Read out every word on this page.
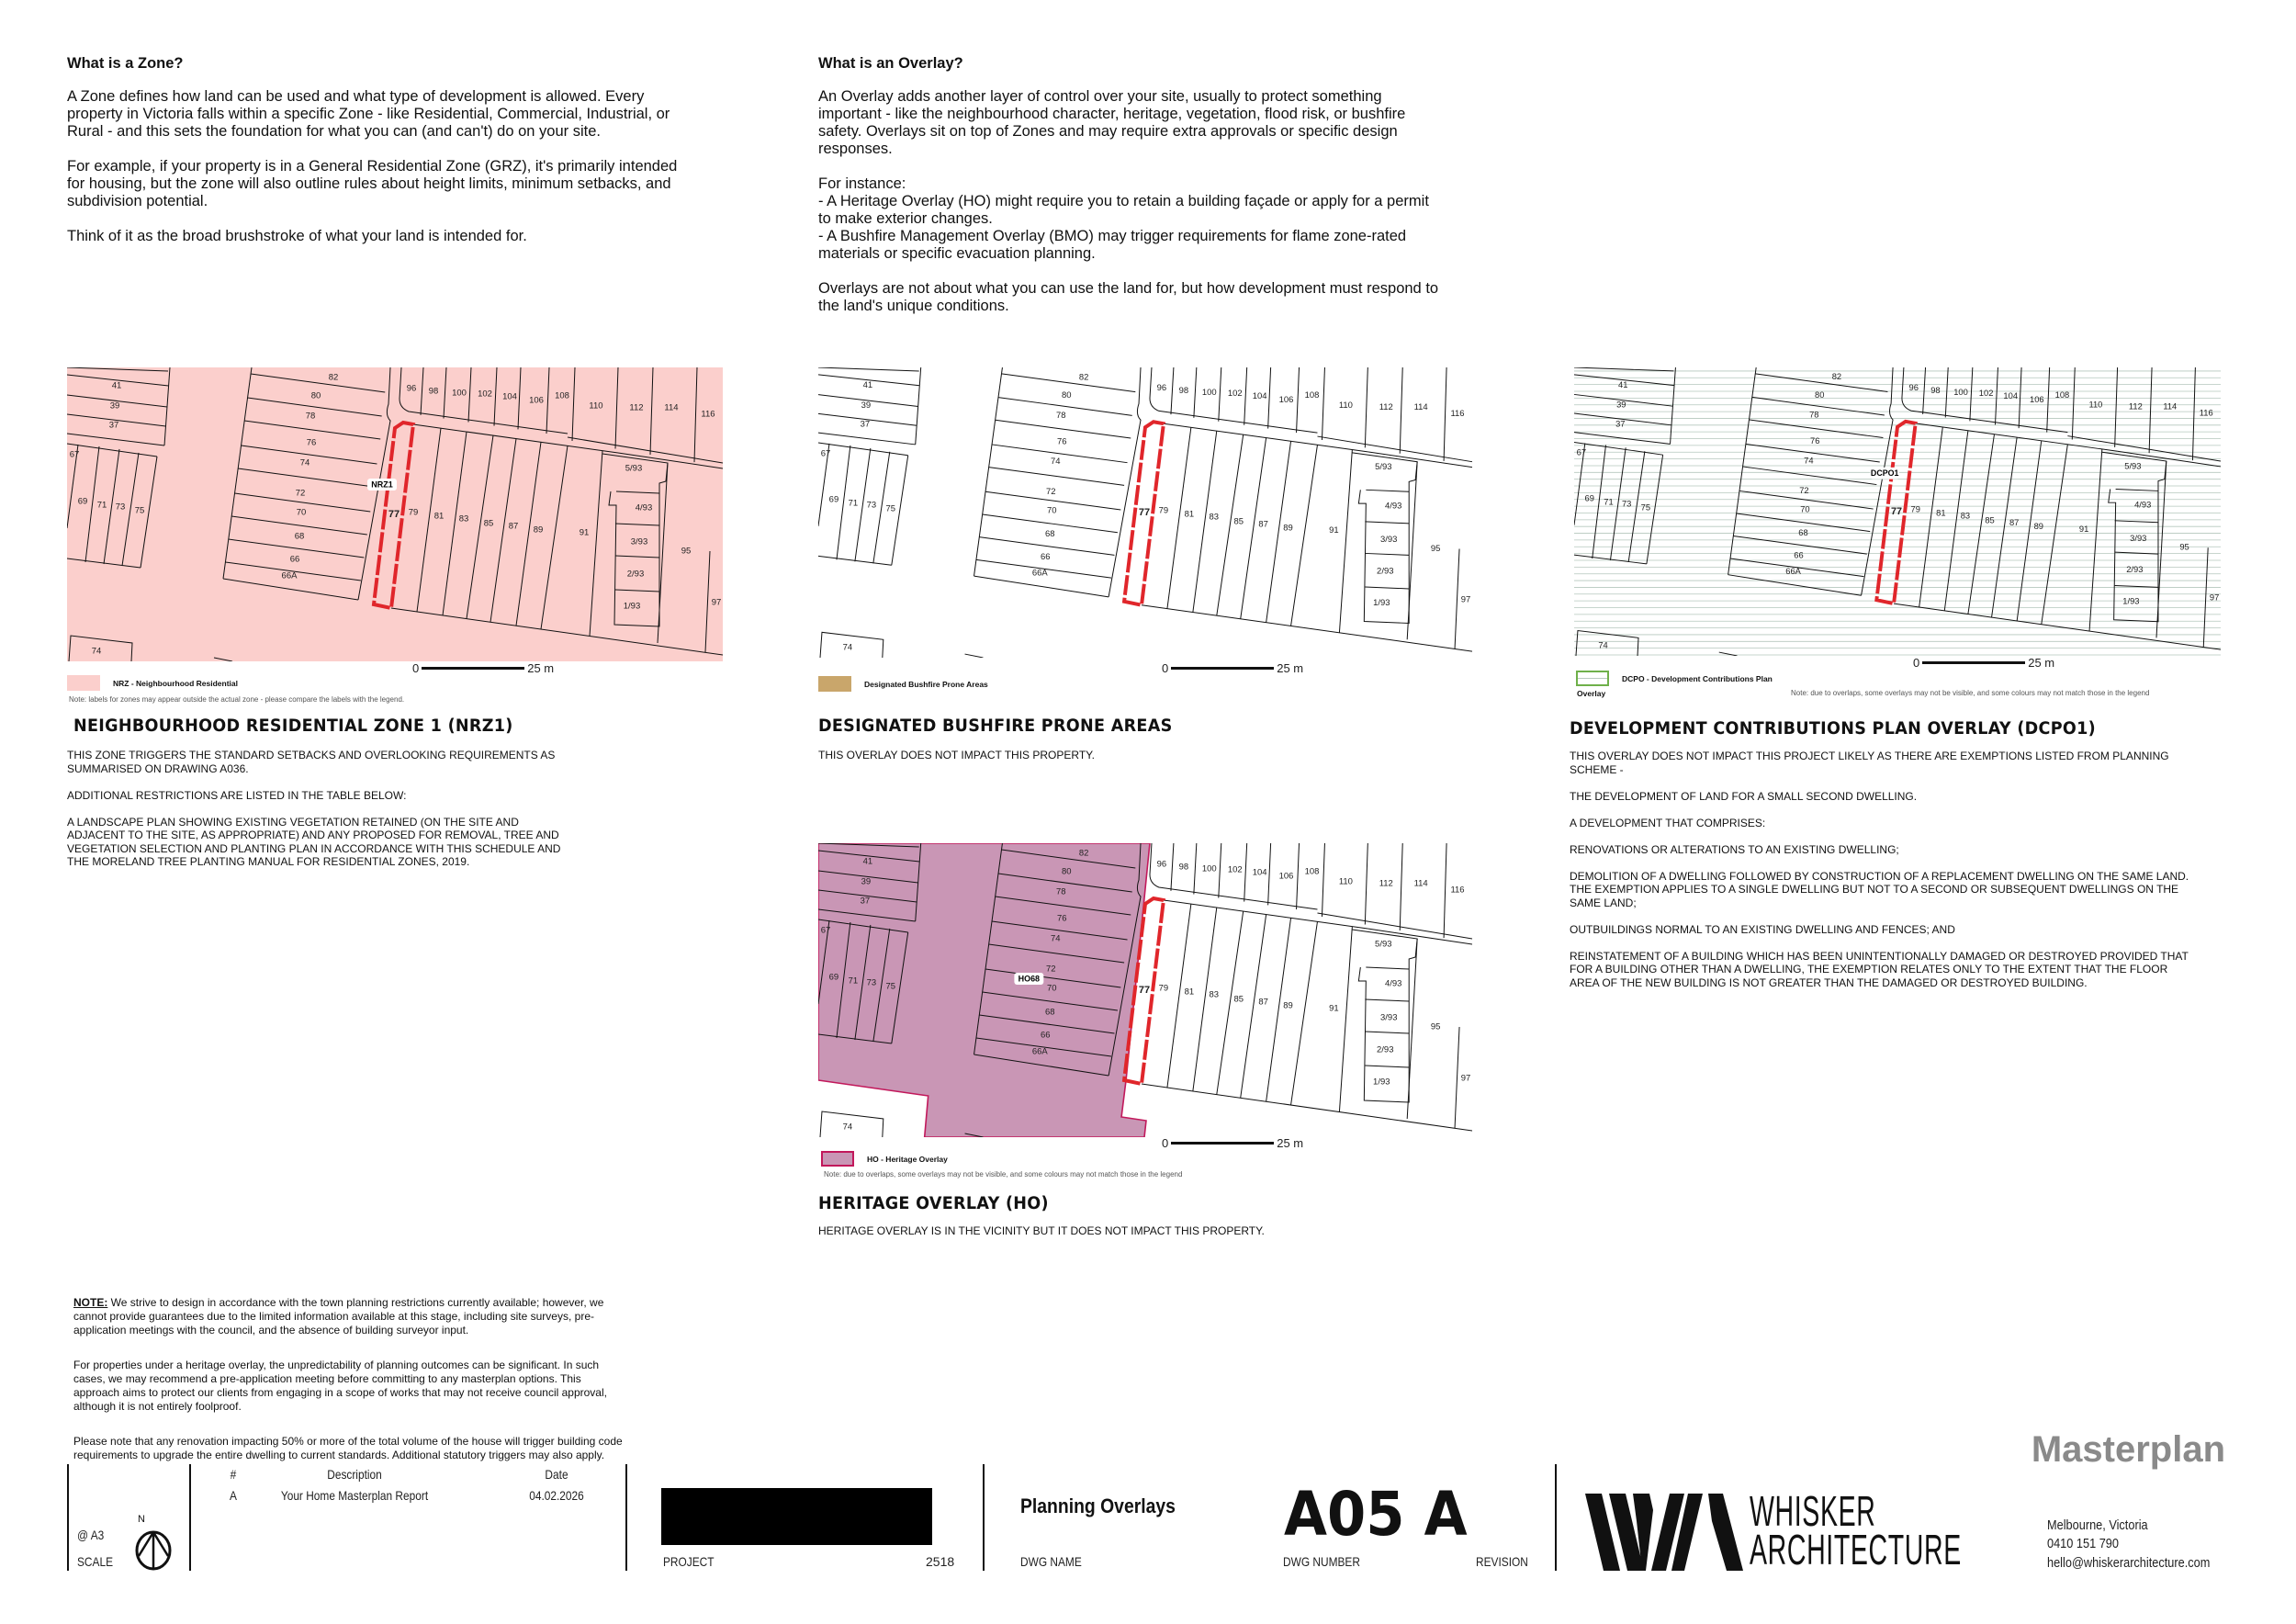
What is a Zone?
A Zone defines how land can be used and what type of development is allowed. Every
property in Victoria falls within a specific Zone - like Residential, Commercial, Industrial, or
Rural - and this sets the foundation for what you can (and can't) do on your site.
For example, if your property is in a General Residential Zone (GRZ), it's primarily intended
for housing, but the zone will also outline rules about height limits, minimum setbacks, and
subdivision potential.
Think of it as the broad brushstroke of what your land is intended for.
What is an Overlay?
An Overlay adds another layer of control over your site, usually to protect something
important - like the neighbourhood character, heritage, vegetation, flood risk, or bushfire
safety. Overlays sit on top of Zones and may require extra approvals or specific design
responses.
For instance:
- A Heritage Overlay (HO) might require you to retain a building façade or apply for a permit
to make exterior changes.
- A Bushfire Management Overlay (BMO) may trigger requirements for flame zone-rated
materials or specific evacuation planning.
Overlays are not about what you can use the land for, but how development must respond to
the land's unique conditions.
41
39
37
67
69 71 73 75
82
80
78
76
74
72
70
68
66
66A
96 98 100 102 104 106 108
110	112 114
116
77 79 81 83 85 87 89	91
5/93
4/93
3/93
2/93
1/93
95
97
74
NRZ1
0	25 m
NRZ - Neighbourhood Residential
Note: labels for zones may appear outside the actual zone - please compare the labels with the legend.
NEIGHBOURHOOD RESIDENTIAL ZONE 1 (NRZ1)
THIS ZONE TRIGGERS THE STANDARD SETBACKS AND OVERLOOKING REQUIREMENTS AS
SUMMARISED ON DRAWING A036.

ADDITIONAL RESTRICTIONS ARE LISTED IN THE TABLE BELOW:

A LANDSCAPE PLAN SHOWING EXISTING VEGETATION RETAINED (ON THE SITE AND
ADJACENT TO THE SITE, AS APPROPRIATE) AND ANY PROPOSED FOR REMOVAL, TREE AND
VEGETATION SELECTION AND PLANTING PLAN IN ACCORDANCE WITH THIS SCHEDULE AND
THE MORELAND TREE PLANTING MANUAL FOR RESIDENTIAL ZONES, 2019.
41
39
37
67
69 71 73 75
82
80
78
76
74
72
70
68
66
66A
96 98 100 102 104 106 108
110	112 114
116
77 79 81 83 85 87 89	91
5/93
4/93
3/93
2/93
1/93
95
97
74
0	25 m
Designated Bushfire Prone Areas
DESIGNATED BUSHFIRE PRONE AREAS
THIS OVERLAY DOES NOT IMPACT THIS PROPERTY.
41
39
37
67
69 71 73 75
82
80
78
76
74
72
70
68
66
66A
96 98 100 102 104 106 108
110	112 114
116
77 79 81 83 85 87 89	91
5/93
4/93
3/93
2/93
1/93
95
97
74
DCPO1
0	25 m
DCPO - Development Contributions Plan
Overlay	Note: due to overlaps, some overlays may not be visible, and some colours may not match those in the legend
DEVELOPMENT CONTRIBUTIONS PLAN OVERLAY (DCPO1)
THIS OVERLAY DOES NOT IMPACT THIS PROJECT LIKELY AS THERE ARE EXEMPTIONS LISTED FROM PLANNING
SCHEME -

THE DEVELOPMENT OF LAND FOR A SMALL SECOND DWELLING.

A DEVELOPMENT THAT COMPRISES:

RENOVATIONS OR ALTERATIONS TO AN EXISTING DWELLING;

DEMOLITION OF A DWELLING FOLLOWED BY CONSTRUCTION OF A REPLACEMENT DWELLING ON THE SAME LAND.
THE EXEMPTION APPLIES TO A SINGLE DWELLING BUT NOT TO A SECOND OR SUBSEQUENT DWELLINGS ON THE
SAME LAND;

OUTBUILDINGS NORMAL TO AN EXISTING DWELLING AND FENCES; AND

REINSTATEMENT OF A BUILDING WHICH HAS BEEN UNINTENTIONALLY DAMAGED OR DESTROYED PROVIDED THAT
FOR A BUILDING OTHER THAN A DWELLING, THE EXEMPTION RELATES ONLY TO THE EXTENT THAT THE FLOOR
AREA OF THE NEW BUILDING IS NOT GREATER THAN THE DAMAGED OR DESTROYED BUILDING.
41
39
37
67
69 71 73 75
82
80
78
76
74
72
70
68
66
66A
96 98 100 102 104 106 108
110	112 114
116
77 79 81 83 85 87 89	91
5/93
4/93
3/93
2/93
1/93
95
97
74
HO68
0	25 m
HO - Heritage Overlay
Note: due to overlaps, some overlays may not be visible, and some colours may not match those in the legend
HERITAGE OVERLAY (HO)
HERITAGE OVERLAY IS IN THE VICINITY BUT IT DOES NOT IMPACT THIS PROPERTY.

NOTE: We strive to design in accordance with the town planning restrictions currently available; however, we
cannot provide guarantees due to the limited information available at this stage, including site surveys, pre-
application meetings with the council, and the absence of building surveyor input.

For properties under a heritage overlay, the unpredictability of planning outcomes can be significant. In such
cases, we may recommend a pre-application meeting before committing to any masterplan options. This
approach aims to protect our clients from engaging in a scope of works that may not receive council approval,
although it is not entirely foolproof.

Please note that any renovation impacting 50% or more of the total volume of the house will trigger building code
requirements to upgrade the entire dwelling to current standards. Additional statutory triggers may also apply.	Masterplan
@ A3
SCALE
N
#	Description	Date
A	Your Home Masterplan Report	04.02.2026
PROJECT	2518
Planning Overlays
DWG NAME
A05 A
DWG NUMBER	REVISION
WHISKER
ARCHITECTURE
Melbourne, Victoria
0410 151 790
hello@whiskerarchitecture.com
